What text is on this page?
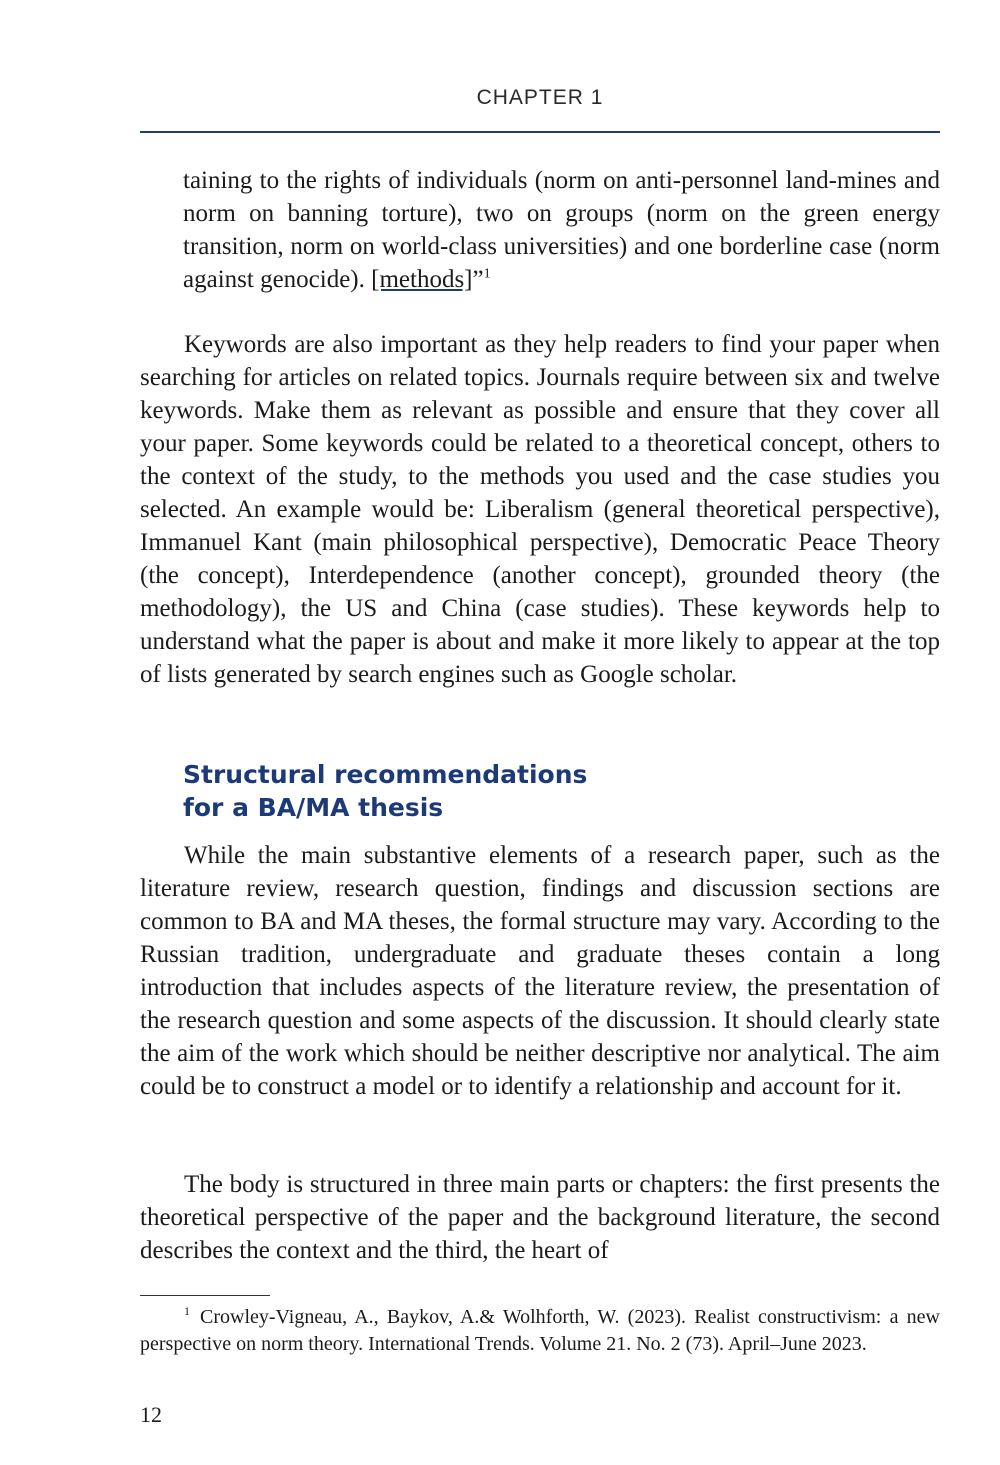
CHAPTER 1

taining to the rights of individuals (norm on anti-personnel land-mines and norm on banning torture), two on groups (norm on the green energy transition, norm on world-class universities) and one borderline case (norm against genocide). [methods]”$^1$

Keywords are also important as they help readers to find your paper when searching for articles on related topics. Journals require between six and twelve keywords. Make them as relevant as possible and ensure that they cover all your paper. Some keywords could be related to a theoretical concept, others to the context of the study, to the methods you used and the case studies you selected. An example would be: Liberalism (general theoretical perspective), Immanuel Kant (main philosophical perspective), Democratic Peace Theory (the concept), Interdependence (another concept), grounded theory (the methodology), the US and China (case studies). These keywords help to understand what the paper is about and make it more likely to appear at the top of lists generated by search engines such as Google scholar.

Structural recommendations
for a BA/MA thesis

While the main substantive elements of a research paper, such as the literature review, research question, findings and discussion sections are common to BA and MA theses, the formal structure may vary. According to the Russian tradition, undergraduate and graduate theses contain a long introduction that includes aspects of the literature review, the presentation of the research question and some aspects of the discussion. It should clearly state the aim of the work which should be neither descriptive nor analytical. The aim could be to construct a model or to identify a relationship and account for it.

The body is structured in three main parts or chapters: the first presents the theoretical perspective of the paper and the background literature, the second describes the context and the third, the heart of

$^1$ Crowley-Vigneau, A., Baykov, A.& Wolhforth, W. (2023). Realist constructivism: a new perspective on norm theory. International Trends. Volume 21. No. 2 (73). April–June 2023.

12
